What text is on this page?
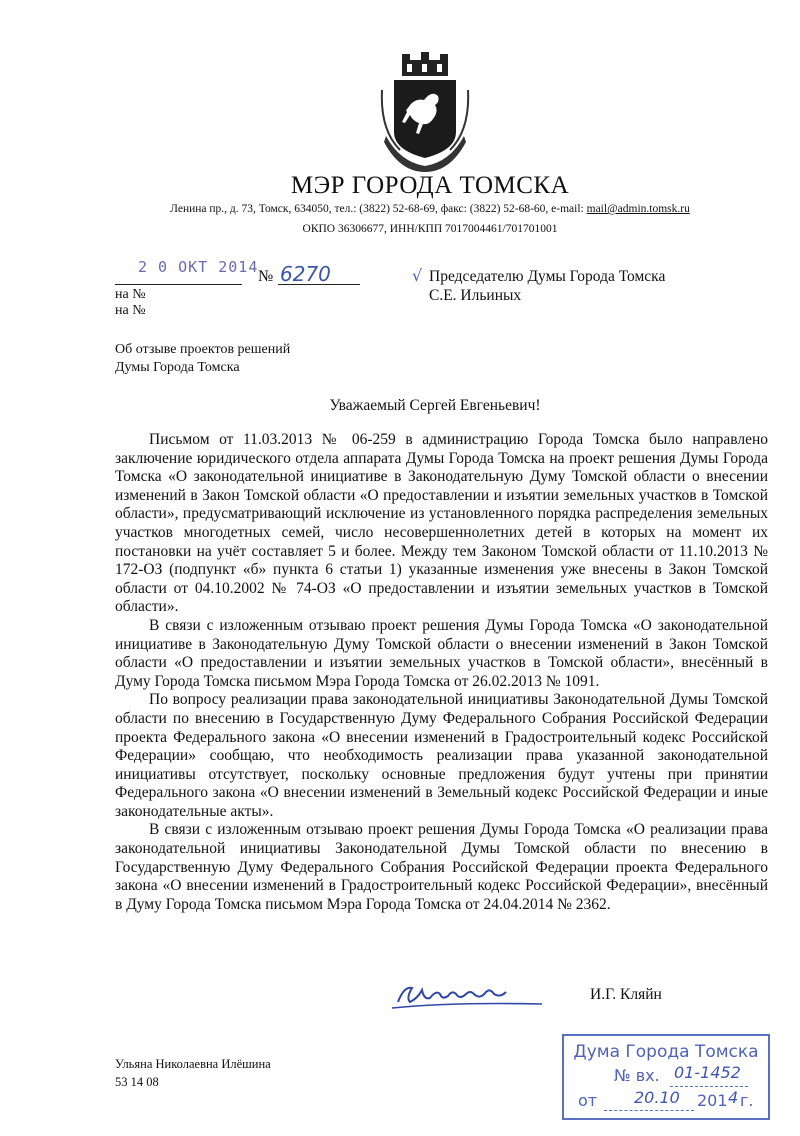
МЭР ГОРОДА ТОМСКА
Ленина пр., д. 73, Томск, 634050, тел.: (3822) 52-68-69, факс: (3822) 52-68-60, e-mail: mail@admin.tomsk.ru
ОКПО 36306677, ИНН/КПП 7017004461/701701001
2 0 ОКТ 2014
№ 6270
на №
на №
√ Председателю Думы Города Томска
С.Е. Ильиных
Об отзыве проектов решений
Думы Города Томска
Уважаемый Сергей Евгеньевич!

Письмом от 11.03.2013 № 06-259 в администрацию Города Томска было направлено заключение юридического отдела аппарата Думы Города Томска на проект решения Думы Города Томска «О законодательной инициативе в Законодательную Думу Томской области о внесении изменений в Закон Томской области «О предоставлении и изъятии земельных участков в Томской области», предусматривающий исключение из установленного порядка распределения земельных участков многодетных семей, число несовершеннолетних детей в которых на момент их постановки на учёт составляет 5 и более. Между тем Законом Томской области от 11.10.2013 № 172-ОЗ (подпункт «б» пункта 6 статьи 1) указанные изменения уже внесены в Закон Томской области от 04.10.2002 № 74-ОЗ «О предоставлении и изъятии земельных участков в Томской области».

В связи с изложенным отзываю проект решения Думы Города Томска «О законодательной инициативе в Законодательную Думу Томской области о внесении изменений в Закон Томской области «О предоставлении и изъятии земельных участков в Томской области», внесённый в Думу Города Томска письмом Мэра Города Томска от 26.02.2013 № 1091.

По вопросу реализации права законодательной инициативы Законодательной Думы Томской области по внесению в Государственную Думу Федерального Собрания Российской Федерации проекта Федерального закона «О внесении изменений в Градостроительный кодекс Российской Федерации» сообщаю, что необходимость реализации права указанной законодательной инициативы отсутствует, поскольку основные предложения будут учтены при принятии Федерального закона «О внесении изменений в Земельный кодекс Российской Федерации и иные законодательные акты».

В связи с изложенным отзываю проект решения Думы Города Томска «О реализации права законодательной инициативы Законодательной Думы Томской области по внесению в Государственную Думу Федерального Собрания Российской Федерации проекта Федерального закона «О внесении изменений в Градостроительный кодекс Российской Федерации», внесённый в Думу Города Томска письмом Мэра Города Томска от 24.04.2014 № 2362.

И.Г. Кляйн
Ульяна Николаевна Илёшина
53 14 08
Дума Города Томска
№ вх. 01-1452
от 20.10 201 4 г.
